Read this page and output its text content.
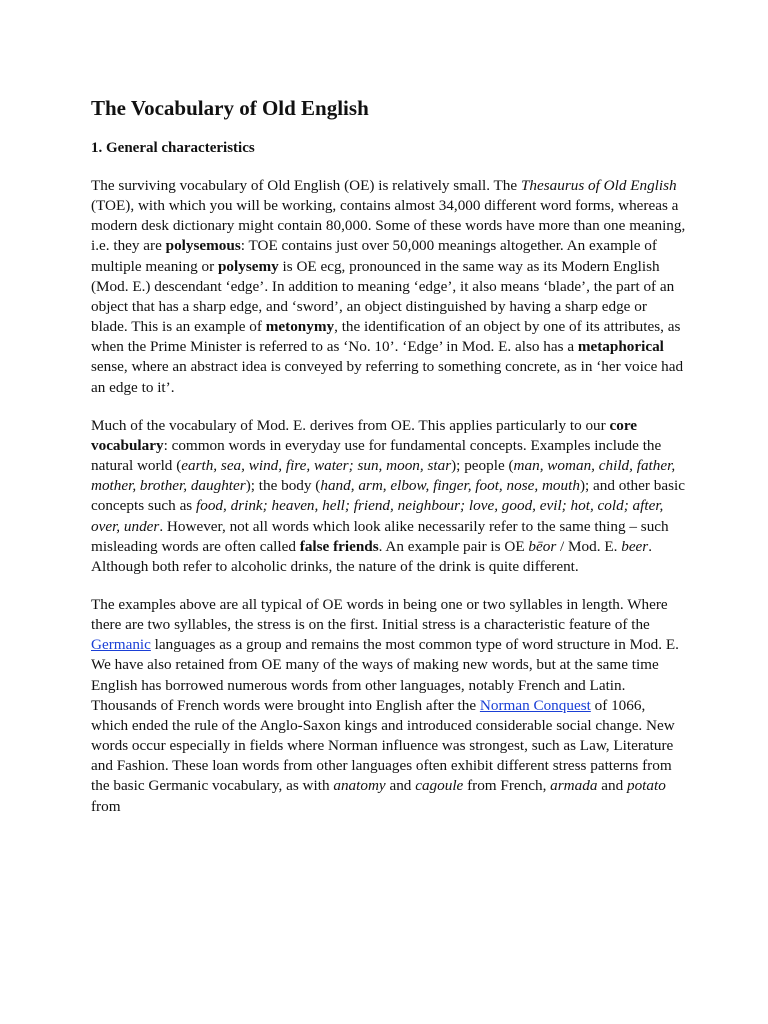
The Vocabulary of Old English
1. General characteristics

The surviving vocabulary of Old English (OE) is relatively small. The Thesaurus of Old English (TOE), with which you will be working, contains almost 34,000 different word forms, whereas a modern desk dictionary might contain 80,000. Some of these words have more than one meaning, i.e. they are polysemous: TOE contains just over 50,000 meanings altogether. An example of multiple meaning or polysemy is OE ecg, pronounced in the same way as its Modern English (Mod. E.) descendant ‘edge’. In addition to meaning ‘edge’, it also means ‘blade’, the part of an object that has a sharp edge, and ‘sword’, an object distinguished by having a sharp edge or blade. This is an example of metonymy, the identification of an object by one of its attributes, as when the Prime Minister is referred to as ‘No. 10’. ‘Edge’ in Mod. E. also has a metaphorical sense, where an abstract idea is conveyed by referring to something concrete, as in ‘her voice had an edge to it’.

Much of the vocabulary of Mod. E. derives from OE. This applies particularly to our core vocabulary: common words in everyday use for fundamental concepts. Examples include the natural world (earth, sea, wind, fire, water; sun, moon, star); people (man, woman, child, father, mother, brother, daughter); the body (hand, arm, elbow, finger, foot, nose, mouth); and other basic concepts such as food, drink; heaven, hell; friend, neighbour; love, good, evil; hot, cold; after, over, under. However, not all words which look alike necessarily refer to the same thing – such misleading words are often called false friends. An example pair is OE bēor / Mod. E. beer. Although both refer to alcoholic drinks, the nature of the drink is quite different.

The examples above are all typical of OE words in being one or two syllables in length. Where there are two syllables, the stress is on the first. Initial stress is a characteristic feature of the Germanic languages as a group and remains the most common type of word structure in Mod. E. We have also retained from OE many of the ways of making new words, but at the same time English has borrowed numerous words from other languages, notably French and Latin. Thousands of French words were brought into English after the Norman Conquest of 1066, which ended the rule of the Anglo-Saxon kings and introduced considerable social change. New words occur especially in fields where Norman influence was strongest, such as Law, Literature and Fashion. These loan words from other languages often exhibit different stress patterns from the basic Germanic vocabulary, as with anatomy and cagoule from French, armada and potato from
